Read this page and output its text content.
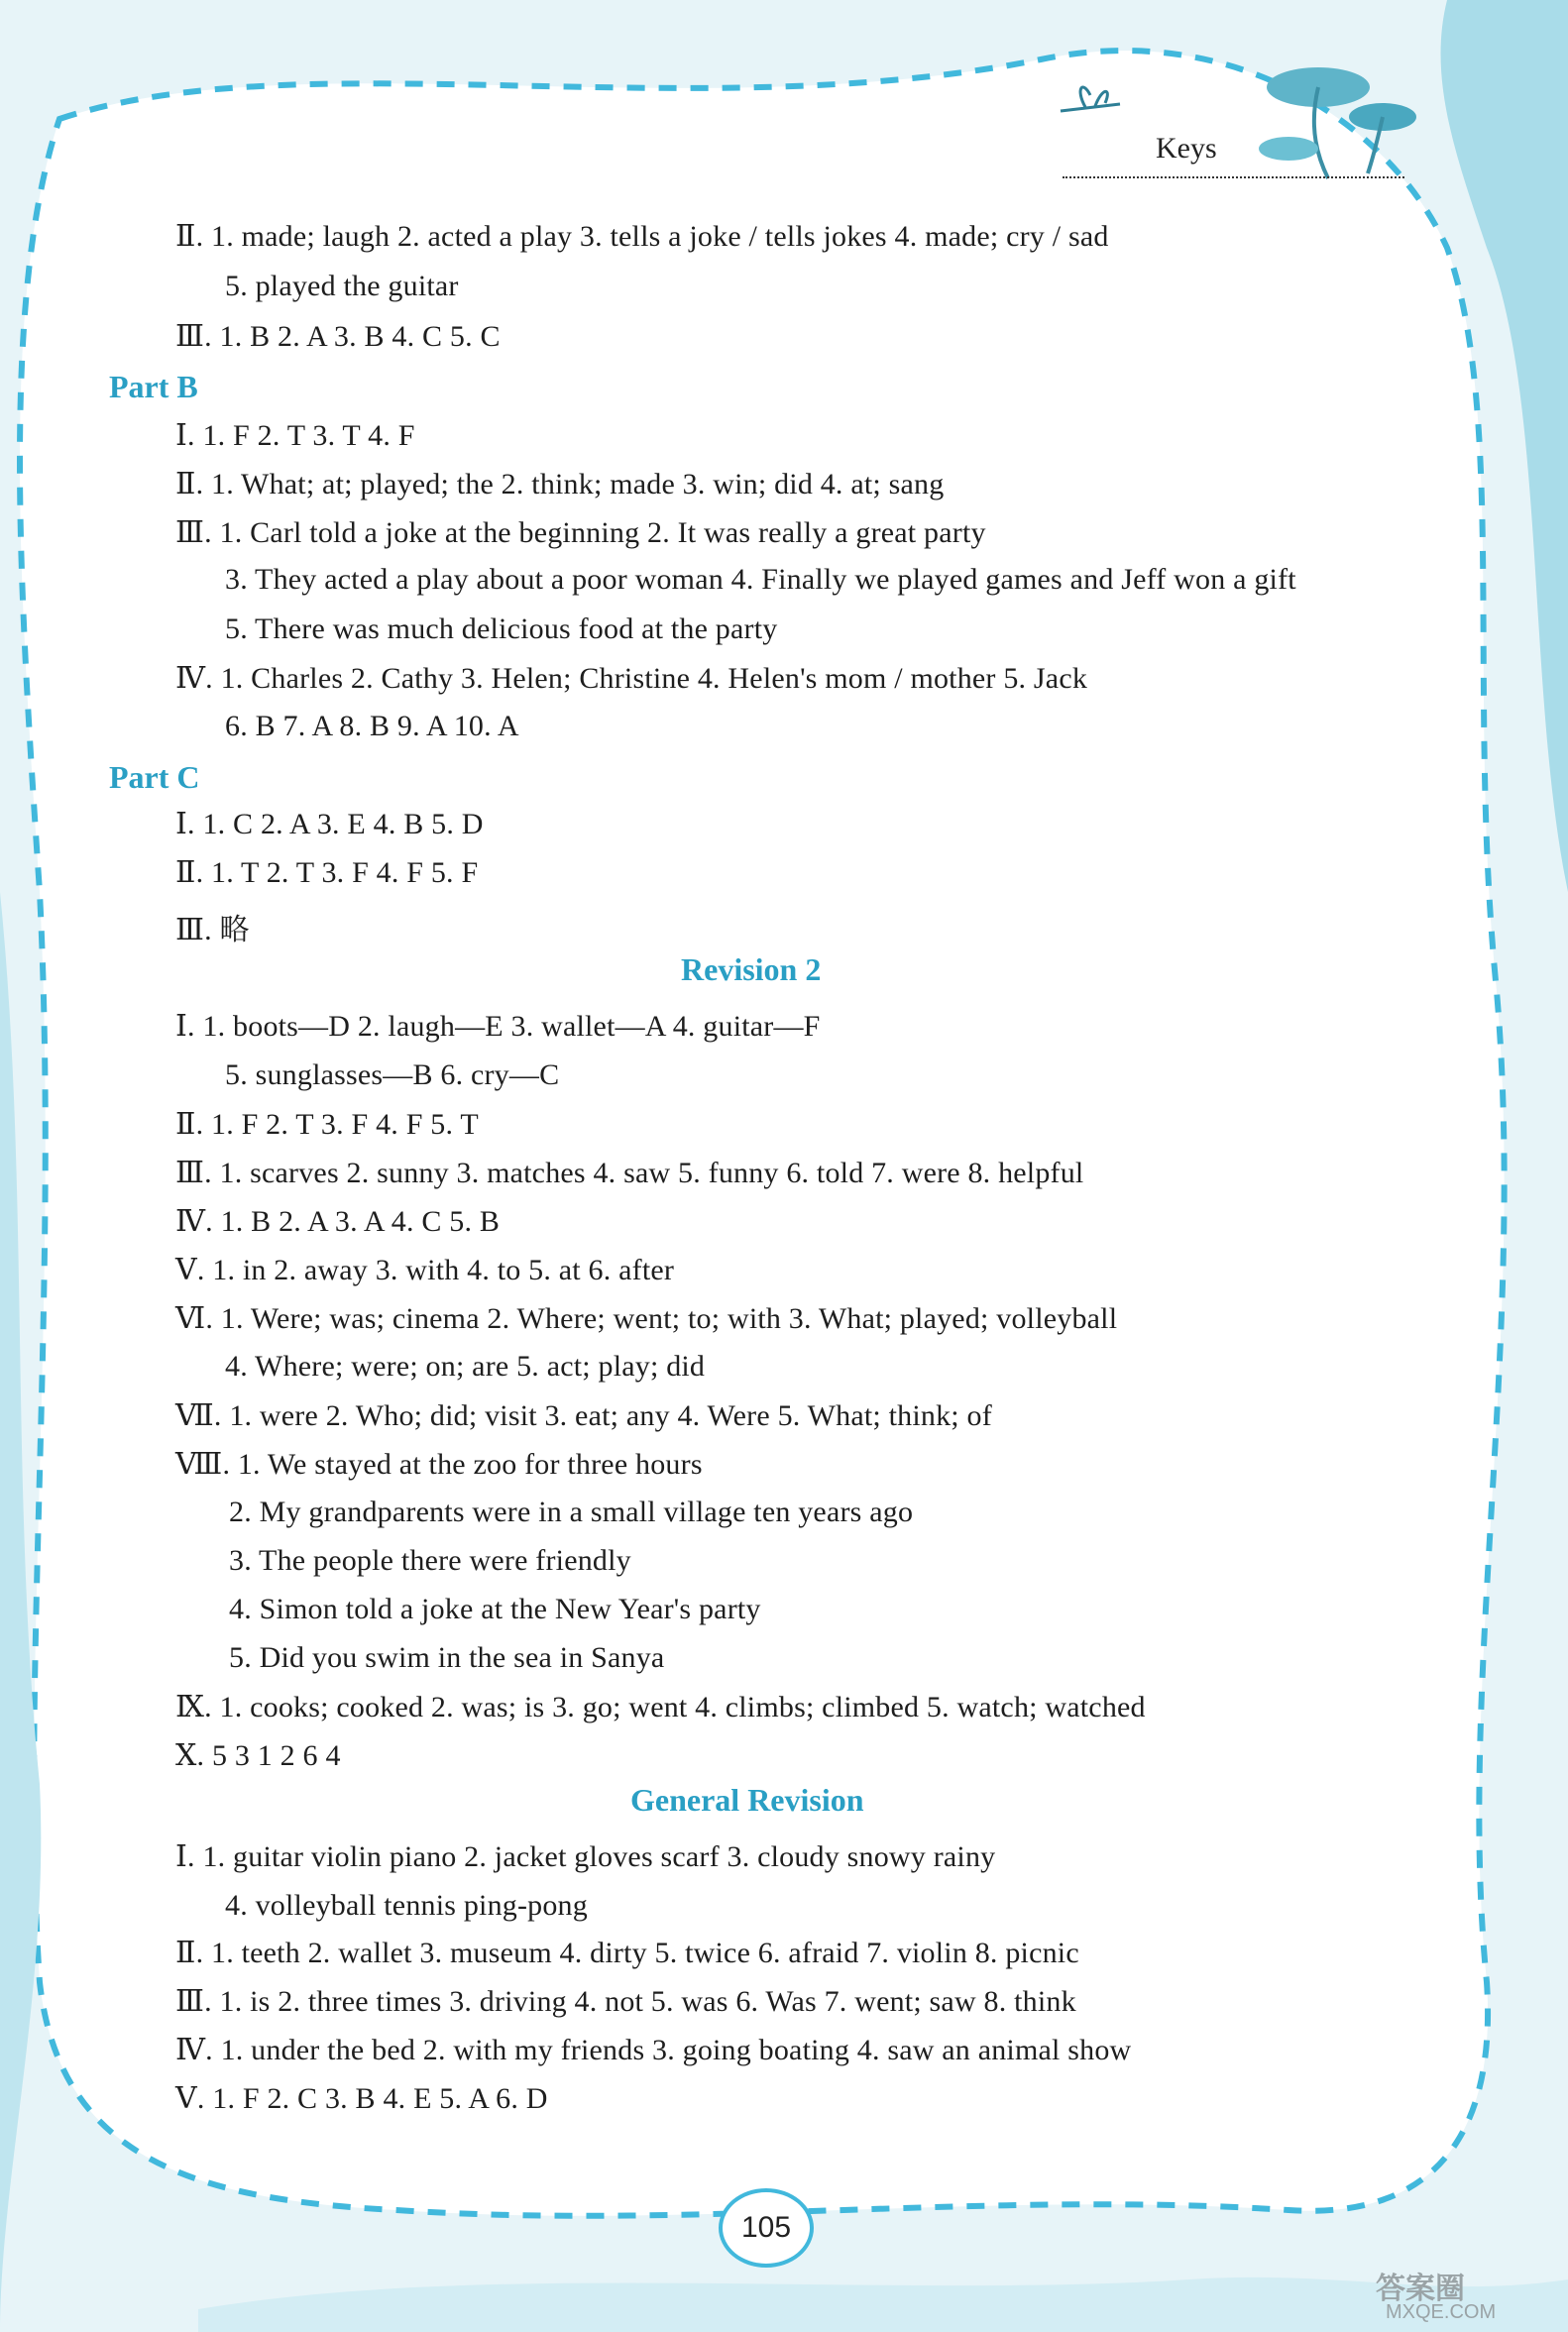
Keys
Ⅱ. 1. made; laugh 2. acted a play 3. tells a joke / tells jokes 4. made; cry / sad
5. played the guitar
Ⅲ. 1. B 2. A 3. B 4. C 5. C
Part B
Ⅰ. 1. F 2. T 3. T 4. F
Ⅱ. 1. What; at; played; the 2. think; made 3. win; did 4. at; sang
Ⅲ. 1. Carl told a joke at the beginning 2. It was really a great party
3. They acted a play about a poor woman 4. Finally we played games and Jeff won a gift
5. There was much delicious food at the party
Ⅳ. 1. Charles 2. Cathy 3. Helen; Christine 4. Helen's mom / mother 5. Jack
6. B 7. A 8. B 9. A 10. A
Part C
Ⅰ. 1. C 2. A 3. E 4. B 5. D
Ⅱ. 1. T 2. T 3. F 4. F 5. F
Ⅲ. 略
Revision 2
Ⅰ. 1. boots—D 2. laugh—E 3. wallet—A 4. guitar—F
5. sunglasses—B 6. cry—C
Ⅱ. 1. F 2. T 3. F 4. F 5. T
Ⅲ. 1. scarves 2. sunny 3. matches 4. saw 5. funny 6. told 7. were 8. helpful
Ⅳ. 1. B 2. A 3. A 4. C 5. B
Ⅴ. 1. in 2. away 3. with 4. to 5. at 6. after
Ⅵ. 1. Were; was; cinema 2. Where; went; to; with 3. What; played; volleyball
4. Where; were; on; are 5. act; play; did
Ⅶ. 1. were 2. Who; did; visit 3. eat; any 4. Were 5. What; think; of
Ⅷ. 1. We stayed at the zoo for three hours
2. My grandparents were in a small village ten years ago
3. The people there were friendly
4. Simon told a joke at the New Year's party
5. Did you swim in the sea in Sanya
Ⅸ. 1. cooks; cooked 2. was; is 3. go; went 4. climbs; climbed 5. watch; watched
Ⅹ. 5 3 1 2 6 4
General Revision
Ⅰ. 1. guitar violin piano 2. jacket gloves scarf 3. cloudy snowy rainy
4. volleyball tennis ping-pong
Ⅱ. 1. teeth 2. wallet 3. museum 4. dirty 5. twice 6. afraid 7. violin 8. picnic
Ⅲ. 1. is 2. three times 3. driving 4. not 5. was 6. Was 7. went; saw 8. think
Ⅳ. 1. under the bed 2. with my friends 3. going boating 4. saw an animal show
Ⅴ. 1. F 2. C 3. B 4. E 5. A 6. D
105
答案圈
MXQE.COM
